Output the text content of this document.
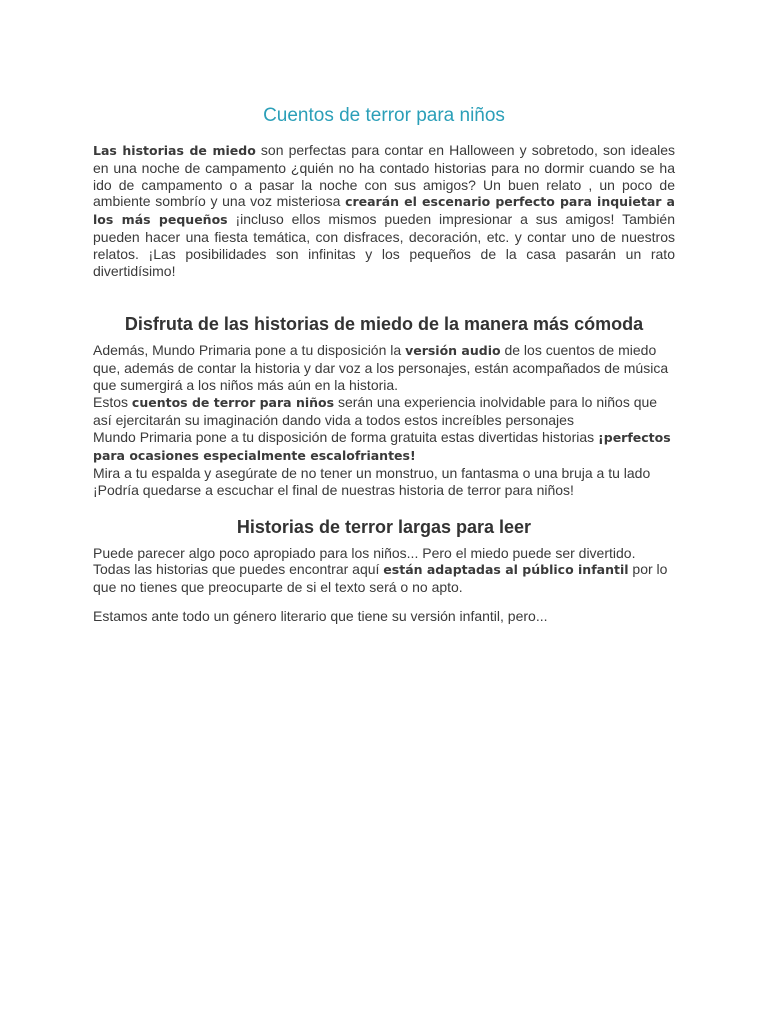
Cuentos de terror para niños

Las historias de miedo son perfectas para contar en Halloween y sobretodo, son ideales en una noche de campamento ¿quién no ha contado historias para no dormir cuando se ha ido de campamento o a pasar la noche con sus amigos? Un buen relato , un poco de ambiente sombrío y una voz misteriosa crearán el escenario perfecto para inquietar a los más pequeños ¡incluso ellos mismos pueden impresionar a sus amigos! También pueden hacer una fiesta temática, con disfraces, decoración, etc. y contar uno de nuestros relatos. ¡Las posibilidades son infinitas y los pequeños de la casa pasarán un rato divertidísimo!

Disfruta de las historias de miedo de la manera más cómoda

Además, Mundo Primaria pone a tu disposición la versión audio de los cuentos de miedo que, además de contar la historia y dar voz a los personajes, están acompañados de música que sumergirá a los niños más aún en la historia.

Estos cuentos de terror para niños serán una experiencia inolvidable para lo niños que así ejercitarán su imaginación dando vida a todos estos increíbles personajes

Mundo Primaria pone a tu disposición de forma gratuita estas divertidas historias ¡perfectos para ocasiones especialmente escalofriantes!

Mira a tu espalda y asegúrate de no tener un monstruo, un fantasma o una bruja a tu lado ¡Podría quedarse a escuchar el final de nuestras historia de terror para niños!

Historias de terror largas para leer

Puede parecer algo poco apropiado para los niños... Pero el miedo puede ser divertido. Todas las historias que puedes encontrar aquí están adaptadas al público infantil por lo que no tienes que preocuparte de si el texto será o no apto.

Estamos ante todo un género literario que tiene su versión infantil, pero...
